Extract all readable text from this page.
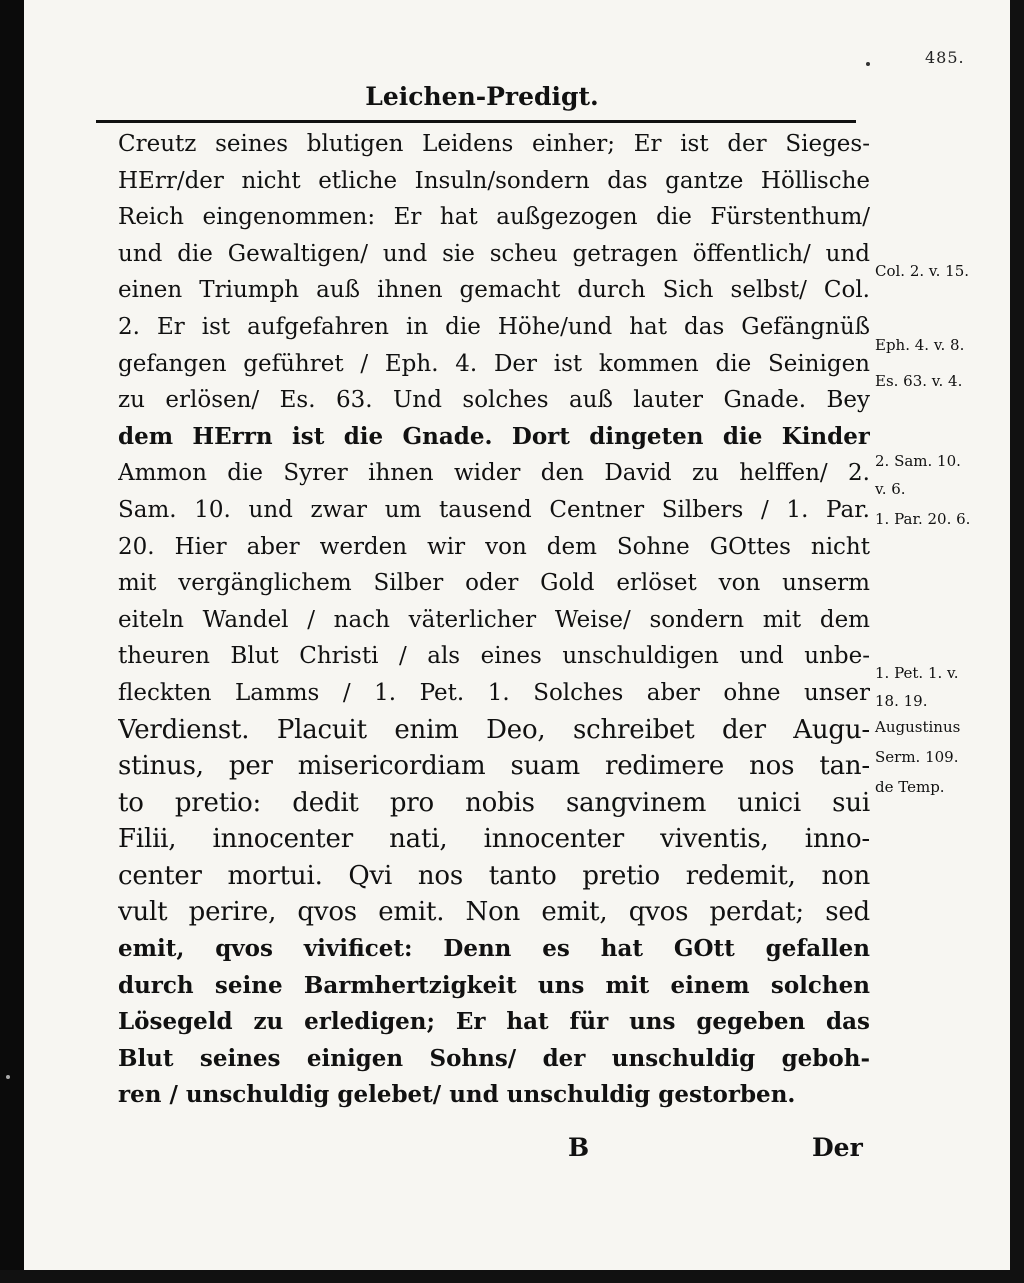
485.
Leichen-Predigt.
Creutz seines blutigen Leidens einher; Er ist der Sieges-
HErr/der nicht etliche Insuln/sondern das gantze Höllische
Reich eingenommen: Er hat außgezogen die Fürstenthum/
und die Gewaltigen/ und sie scheu getragen öffentlich/ und
einen Triumph auß ihnen gemacht durch Sich selbst/ Col.
2. Er ist aufgefahren in die Höhe/und hat das Gefängnüß
gefangen geführet / Eph. 4. Der ist kommen die Seinigen
zu erlösen/ Es. 63. Und solches auß lauter Gnade. Bey
dem HErrn ist die Gnade. Dort dingeten die Kinder
Ammon die Syrer ihnen wider den David zu helffen/ 2.
Sam. 10. und zwar um tausend Centner Silbers / 1. Par.
20. Hier aber werden wir von dem Sohne GOttes nicht
mit vergänglichem Silber oder Gold erlöset von unserm
eiteln Wandel / nach väterlicher Weise/ sondern mit dem
theuren Blut Christi / als eines unschuldigen und unbe-
fleckten Lamms / 1. Pet. 1. Solches aber ohne unser
Verdienst. Placuit enim Deo, schreibet der Augu-
stinus, per misericordiam suam redimere nos tan-
to pretio: dedit pro nobis sangvinem unici sui
Filii, innocenter nati, innocenter viventis, inno-
center mortui. Qvi nos tanto pretio redemit, non
vult perire, qvos emit. Non emit, qvos perdat; sed
emit, qvos vivificet: Denn es hat GOtt gefallen
durch seine Barmhertzigkeit uns mit einem solchen
Lösegeld zu erledigen; Er hat für uns gegeben das
Blut seines einigen Sohns/ der unschuldig geboh-
ren / unschuldig gelebet/ und unschuldig gestorben.
B	Der
Col. 2. v. 15.
Eph. 4. v. 8.
Es. 63. v. 4.
2. Sam. 10.
v. 6.
1. Par. 20. 6.
1. Pet. 1. v.
18. 19.
Augustinus
Serm. 109.
de Temp.
